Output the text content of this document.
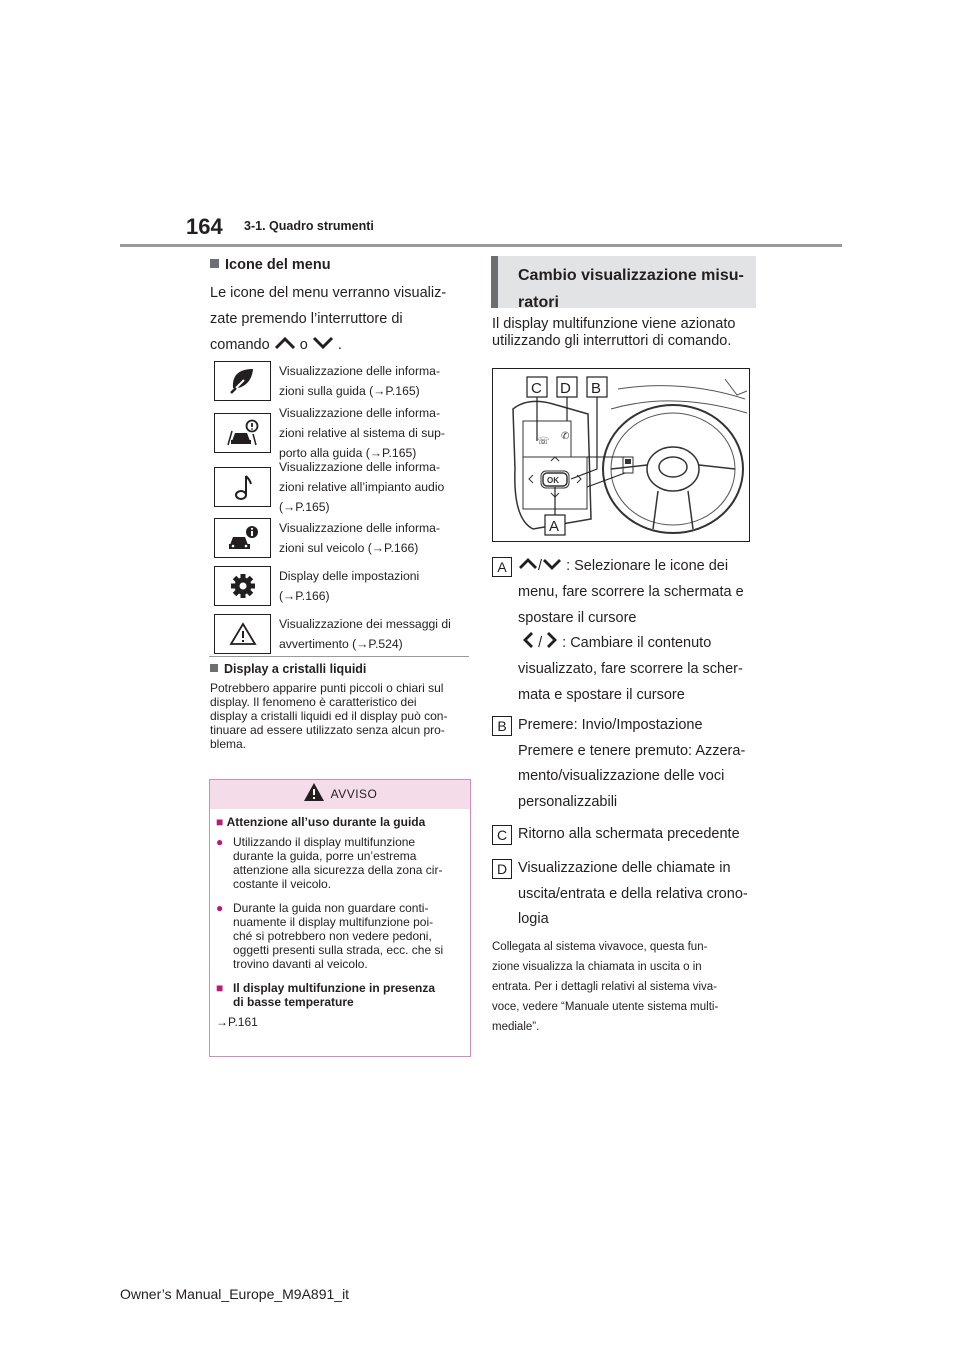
164 3-1. Quadro strumenti
Icone del menu
Le icone del menu verranno visualiz-
zate premendo l’interruttore di
comando o .
Visualizzazione delle informa-
zioni sulla guida (→P.165)
Visualizzazione delle informa-
zioni relative al sistema di sup-
porto alla guida (→P.165)
Visualizzazione delle informa-
zioni relative all’impianto audio
(→P.165)
Visualizzazione delle informa-
zioni sul veicolo (→P.166)
Display delle impostazioni
(→P.166)
Visualizzazione dei messaggi di
avvertimento (→P.524)
Display a cristalli liquidi
Potrebbero apparire punti piccoli o chiari sul
display. Il fenomeno è caratteristico dei
display a cristalli liquidi ed il display può con-
tinuare ad essere utilizzato senza alcun pro-
blema.
AVVISO
■ Attenzione all’uso durante la guida
● Utilizzando il display multifunzione
durante la guida, porre un’estrema
attenzione alla sicurezza della zona cir-
costante il veicolo.
● Durante la guida non guardare conti-
nuamente il display multifunzione poi-
ché si potrebbero non vedere pedoni,
oggetti presenti sulla strada, ecc. che si
trovino davanti al veicolo.
■ Il display multifunzione in presenza
di basse temperature
→P.161
Cambio visualizzazione misu-
ratori
Il display multifunzione viene azionato
utilizzando gli interruttori di comando.
☏ ✆
OK
C D B
A
A	/ : Selezionare le icone dei
menu, fare scorrere la schermata e
spostare il cursore
/ : Cambiare il contenuto
visualizzato, fare scorrere la scher-
mata e spostare il cursore
B Premere: Invio/Impostazione
Premere e tenere premuto: Azzera-
mento/visualizzazione delle voci
personalizzabili
C Ritorno alla schermata precedente
D Visualizzazione delle chiamate in
uscita/entrata e della relativa crono-
logia
Collegata al sistema vivavoce, questa fun-
zione visualizza la chiamata in uscita o in
entrata. Per i dettagli relativi al sistema viva-
voce, vedere “Manuale utente sistema multi-
mediale”.
Owner’s Manual_Europe_M9A891_it
